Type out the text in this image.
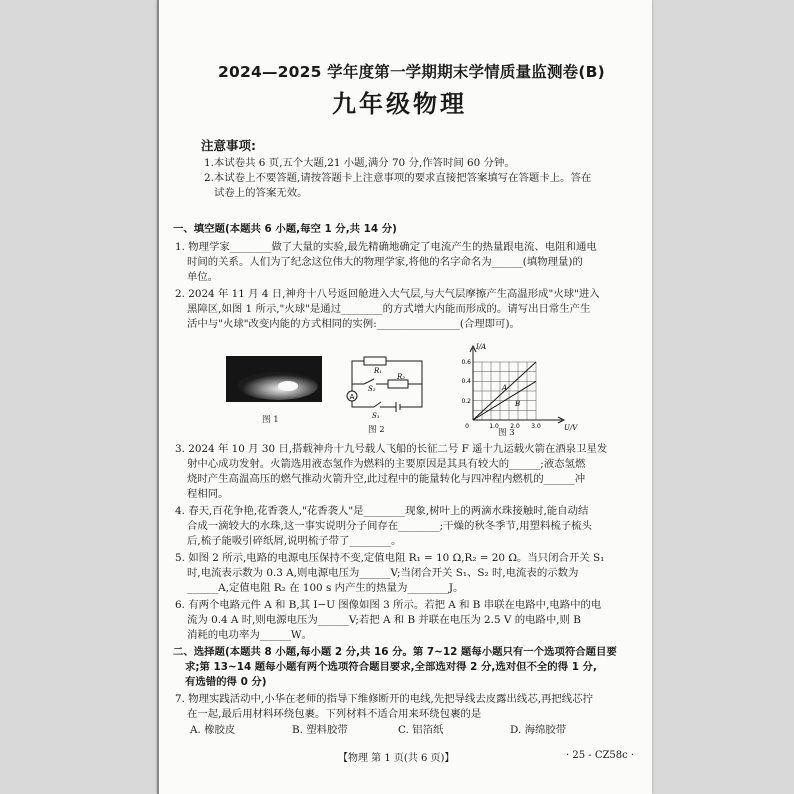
2024—2025 学年度第一学期期末学情质量监测卷(B)
九年级物理
注意事项:
1.本试卷共 6 页,五个大题,21 小题,满分 70 分,作答时间 60 分钟。
2.本试卷上不要答题,请按答题卡上注意事项的要求直接把答案填写在答题卡上。答在
试卷上的答案无效。
一、填空题(本题共 6 小题,每空 1 分,共 14 分)
1. 物理学家________做了大量的实验,最先精确地确定了电流产生的热量跟电流、电阻和通电
时间的关系。人们为了纪念这位伟大的物理学家,将他的名字命名为______(填物理量)的
单位。
2. 2024 年 11 月 4 日,神舟十八号返回舱进入大气层,与大气层摩擦产生高温形成"火球"进入
黑障区,如图 1 所示,"火球"是通过________的方式增大内能而形成的。请写出日常生产生
活中与"火球"改变内能的方式相同的实例:________________(合理即可)。
图 1
A
R₁
R₂
S₂
S₁
图 2
I/A
U/V
0.6
0.4
0.2
0	1.0 2.0 3.0
A
B
图 3
3. 2024 年 10 月 30 日,搭载神舟十九号载人飞船的长征二号 F 遥十九运载火箭在酒泉卫星发
射中心成功发射。火箭选用液态氢作为燃料的主要原因是其具有较大的______;液态氢燃
烧时产生高温高压的燃气推动火箭升空,此过程中的能量转化与四冲程内燃机的______冲
程相同。
4. 春天,百花争艳,花香袭人,"花香袭人"是________现象,树叶上的两滴水珠接触时,能自动结
合成一滴较大的水珠,这一事实说明分子间存在________;干燥的秋冬季节,用塑料梳子梳头
后,梳子能吸引碎纸屑,说明梳子带了________。
5. 如图 2 所示,电路的电源电压保持不变,定值电阻 R₁ = 10 Ω,R₂ = 20 Ω。当只闭合开关 S₁
时,电流表示数为 0.3 A,则电源电压为______V;当闭合开关 S₁、S₂ 时,电流表的示数为
______A,定值电阻 R₂ 在 100 s 内产生的热量为________J。
6. 有两个电路元件 A 和 B,其 I−U 图像如图 3 所示。若把 A 和 B 串联在电路中,电路中的电
流为 0.4 A 时,则电源电压为______V;若把 A 和 B 并联在电压为 2.5 V 的电路中,则 B
消耗的电功率为______W。
二、选择题(本题共 8 小题,每小题 2 分,共 16 分。第 7~12 题每小题只有一个选项符合题目要
求;第 13~14 题每小题有两个选项符合题目要求,全部选对得 2 分,选对但不全的得 1 分,
有选错的得 0 分)
7. 物理实践活动中,小华在老师的指导下维修断开的电线,先把导线去皮露出线芯,再把线芯拧
在一起,最后用材料环绕包裹。下列材料不适合用来环绕包裹的是
A. 橡胶皮	B. 塑料胶带	C. 铝箔纸	D. 海绵胶带
【物理 第 1 页(共 6 页)】	· 25 - CZ58c ·
